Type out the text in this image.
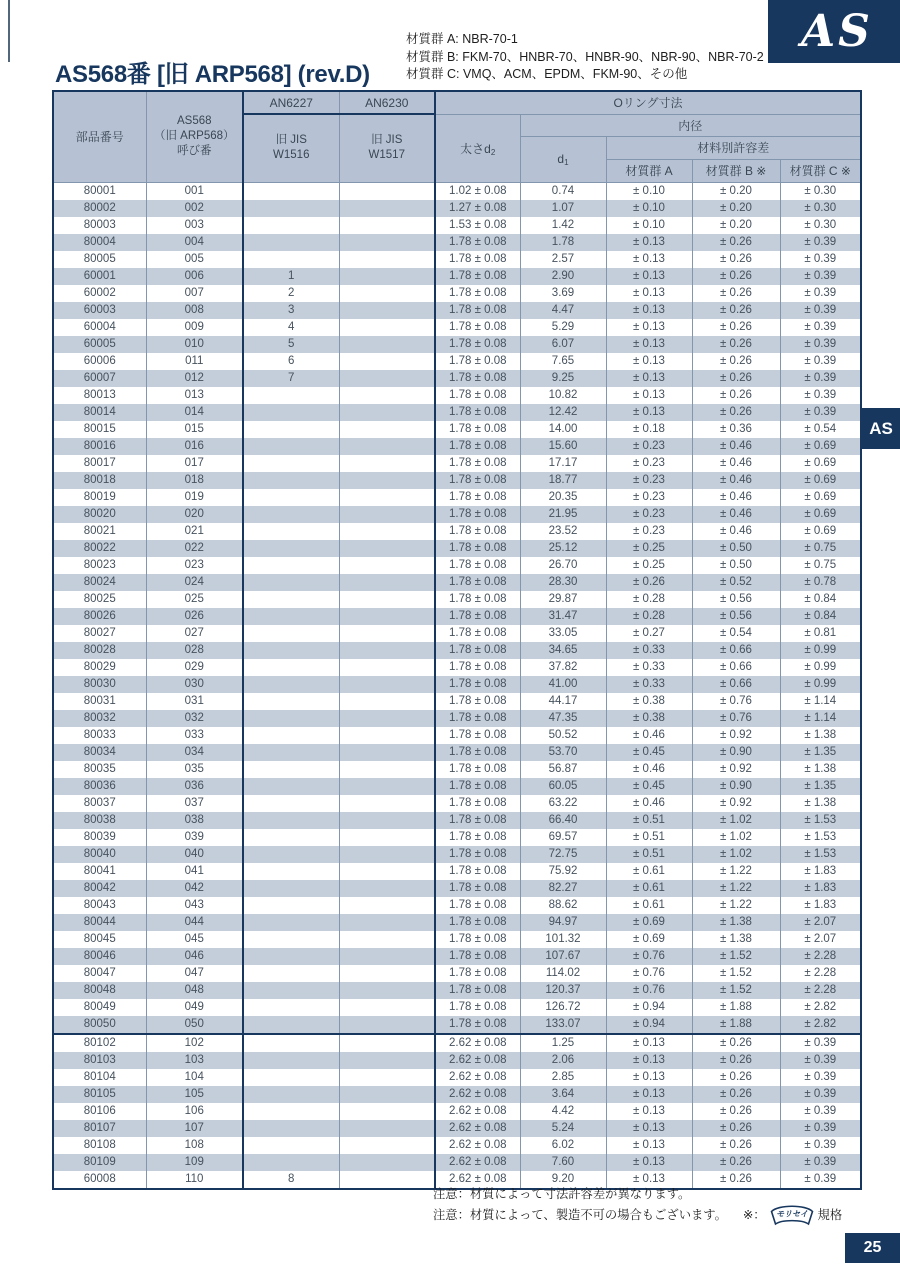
AS
AS568番 [旧 ARP568] (rev.D)
材質群 A: NBR-70-1
材質群 B: FKM-70、HNBR-70、HNBR-90、NBR-90、NBR-70-2
材質群 C: VMQ、ACM、EPDM、FKM-90、その他
部品番号	AS568
（旧 ARP568）
呼び番	AN6227	AN6230	Oリング寸法				

		旧 JIS
W1516	旧 JIS
W1517	太さ$d_2$	内径			
					$d_1$	材料別許容差		
						材質群 A	材質群 B ※	材質群 C ※
80001	001			1.02 ± 0.08	0.74	± 0.10	± 0.20	± 0.30
80002	002			1.27 ± 0.08	1.07	± 0.10	± 0.20	± 0.30
80003	003			1.53 ± 0.08	1.42	± 0.10	± 0.20	± 0.30
80004	004			1.78 ± 0.08	1.78	± 0.13	± 0.26	± 0.39
80005	005			1.78 ± 0.08	2.57	± 0.13	± 0.26	± 0.39
60001	006	1		1.78 ± 0.08	2.90	± 0.13	± 0.26	± 0.39
60002	007	2		1.78 ± 0.08	3.69	± 0.13	± 0.26	± 0.39
60003	008	3		1.78 ± 0.08	4.47	± 0.13	± 0.26	± 0.39
60004	009	4		1.78 ± 0.08	5.29	± 0.13	± 0.26	± 0.39
60005	010	5		1.78 ± 0.08	6.07	± 0.13	± 0.26	± 0.39
60006	011	6		1.78 ± 0.08	7.65	± 0.13	± 0.26	± 0.39
60007	012	7		1.78 ± 0.08	9.25	± 0.13	± 0.26	± 0.39
80013	013			1.78 ± 0.08	10.82	± 0.13	± 0.26	± 0.39
80014	014			1.78 ± 0.08	12.42	± 0.13	± 0.26	± 0.39
80015	015			1.78 ± 0.08	14.00	± 0.18	± 0.36	± 0.54
80016	016			1.78 ± 0.08	15.60	± 0.23	± 0.46	± 0.69
80017	017			1.78 ± 0.08	17.17	± 0.23	± 0.46	± 0.69
80018	018			1.78 ± 0.08	18.77	± 0.23	± 0.46	± 0.69
80019	019			1.78 ± 0.08	20.35	± 0.23	± 0.46	± 0.69
80020	020			1.78 ± 0.08	21.95	± 0.23	± 0.46	± 0.69
80021	021			1.78 ± 0.08	23.52	± 0.23	± 0.46	± 0.69
80022	022			1.78 ± 0.08	25.12	± 0.25	± 0.50	± 0.75
80023	023			1.78 ± 0.08	26.70	± 0.25	± 0.50	± 0.75
80024	024			1.78 ± 0.08	28.30	± 0.26	± 0.52	± 0.78
80025	025			1.78 ± 0.08	29.87	± 0.28	± 0.56	± 0.84
80026	026			1.78 ± 0.08	31.47	± 0.28	± 0.56	± 0.84
80027	027			1.78 ± 0.08	33.05	± 0.27	± 0.54	± 0.81
80028	028			1.78 ± 0.08	34.65	± 0.33	± 0.66	± 0.99
80029	029			1.78 ± 0.08	37.82	± 0.33	± 0.66	± 0.99
80030	030			1.78 ± 0.08	41.00	± 0.33	± 0.66	± 0.99
80031	031			1.78 ± 0.08	44.17	± 0.38	± 0.76	± 1.14
80032	032			1.78 ± 0.08	47.35	± 0.38	± 0.76	± 1.14
80033	033			1.78 ± 0.08	50.52	± 0.46	± 0.92	± 1.38
80034	034			1.78 ± 0.08	53.70	± 0.45	± 0.90	± 1.35
80035	035			1.78 ± 0.08	56.87	± 0.46	± 0.92	± 1.38
80036	036			1.78 ± 0.08	60.05	± 0.45	± 0.90	± 1.35
80037	037			1.78 ± 0.08	63.22	± 0.46	± 0.92	± 1.38
80038	038			1.78 ± 0.08	66.40	± 0.51	± 1.02	± 1.53
80039	039			1.78 ± 0.08	69.57	± 0.51	± 1.02	± 1.53
80040	040			1.78 ± 0.08	72.75	± 0.51	± 1.02	± 1.53
80041	041			1.78 ± 0.08	75.92	± 0.61	± 1.22	± 1.83
80042	042			1.78 ± 0.08	82.27	± 0.61	± 1.22	± 1.83
80043	043			1.78 ± 0.08	88.62	± 0.61	± 1.22	± 1.83
80044	044			1.78 ± 0.08	94.97	± 0.69	± 1.38	± 2.07
80045	045			1.78 ± 0.08	101.32	± 0.69	± 1.38	± 2.07
80046	046			1.78 ± 0.08	107.67	± 0.76	± 1.52	± 2.28
80047	047			1.78 ± 0.08	114.02	± 0.76	± 1.52	± 2.28
80048	048			1.78 ± 0.08	120.37	± 0.76	± 1.52	± 2.28
80049	049			1.78 ± 0.08	126.72	± 0.94	± 1.88	± 2.82
80050	050			1.78 ± 0.08	133.07	± 0.94	± 1.88	± 2.82
80102	102			2.62 ± 0.08	1.25	± 0.13	± 0.26	± 0.39
80103	103			2.62 ± 0.08	2.06	± 0.13	± 0.26	± 0.39
80104	104			2.62 ± 0.08	2.85	± 0.13	± 0.26	± 0.39
80105	105			2.62 ± 0.08	3.64	± 0.13	± 0.26	± 0.39
80106	106			2.62 ± 0.08	4.42	± 0.13	± 0.26	± 0.39
80107	107			2.62 ± 0.08	5.24	± 0.13	± 0.26	± 0.39
80108	108			2.62 ± 0.08	6.02	± 0.13	± 0.26	± 0.39
80109	109			2.62 ± 0.08	7.60	± 0.13	± 0.26	± 0.39
60008	110	8		2.62 ± 0.08	9.20	± 0.13	± 0.26	± 0.39
注意：材質によって寸法許容差が異なります。
注意：材質によって、製造不可の場合もございます。 ※： モリセイ 規格
AS
25
